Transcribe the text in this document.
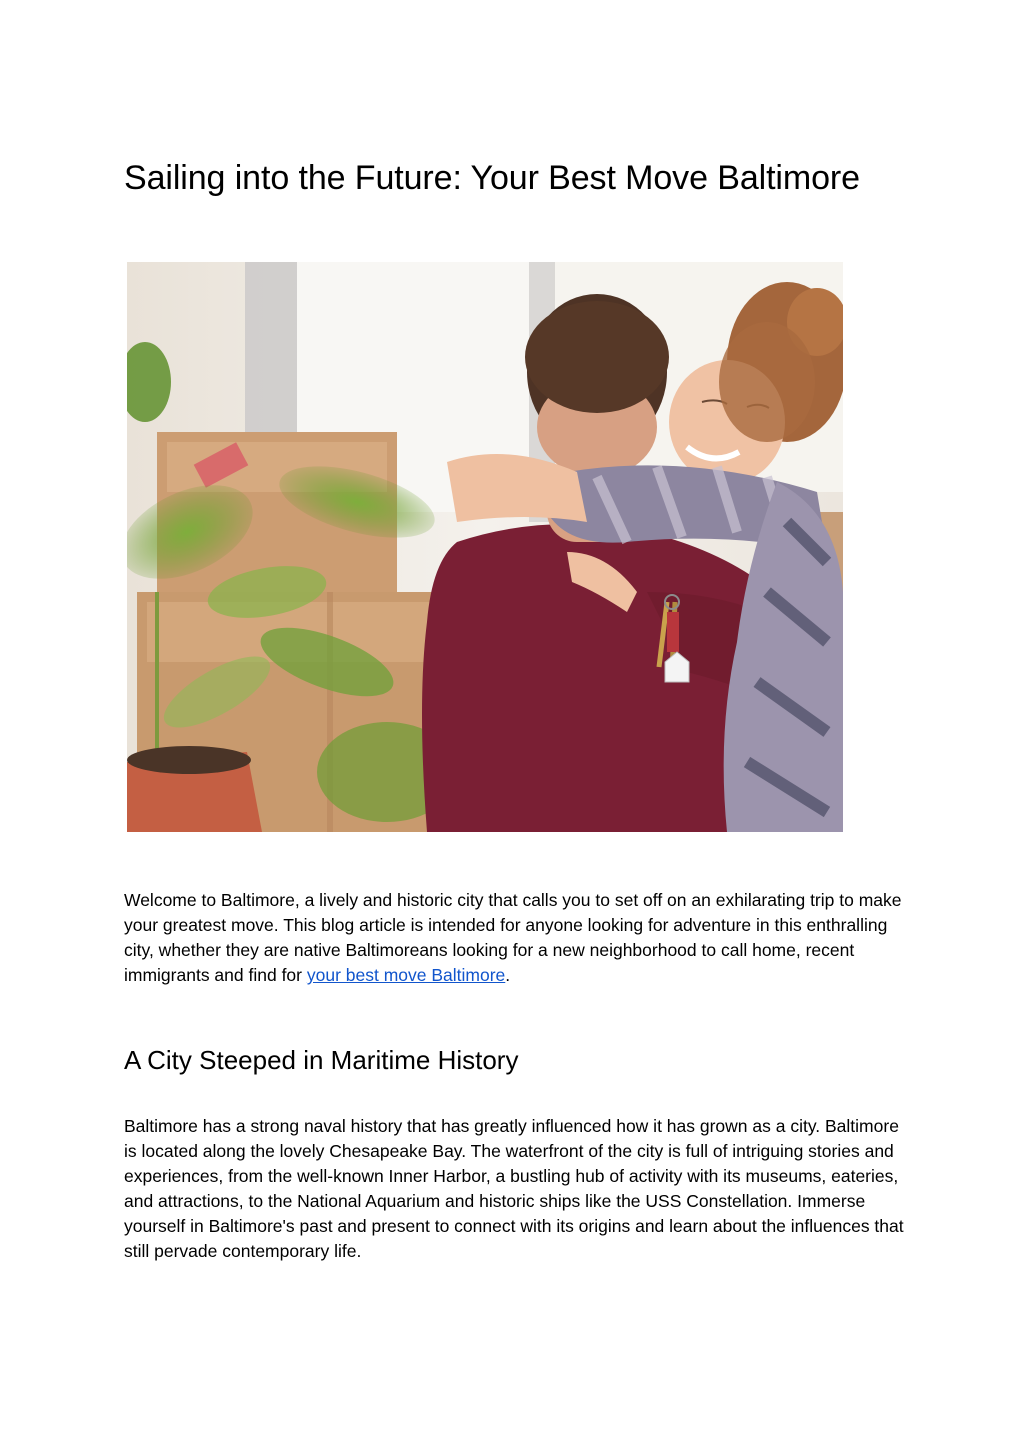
Sailing into the Future: Your Best Move Baltimore

Welcome to Baltimore, a lively and historic city that calls you to set off on an exhilarating trip to make your greatest move. This blog article is intended for anyone looking for adventure in this enthralling city, whether they are native Baltimoreans looking for a new neighborhood to call home, recent immigrants and find for your best move Baltimore.

A City Steeped in Maritime History

Baltimore has a strong naval history that has greatly influenced how it has grown as a city. Baltimore is located along the lovely Chesapeake Bay. The waterfront of the city is full of intriguing stories and experiences, from the well-known Inner Harbor, a bustling hub of activity with its museums, eateries, and attractions, to the National Aquarium and historic ships like the USS Constellation. Immerse yourself in Baltimore's past and present to connect with its origins and learn about the influences that still pervade contemporary life.
